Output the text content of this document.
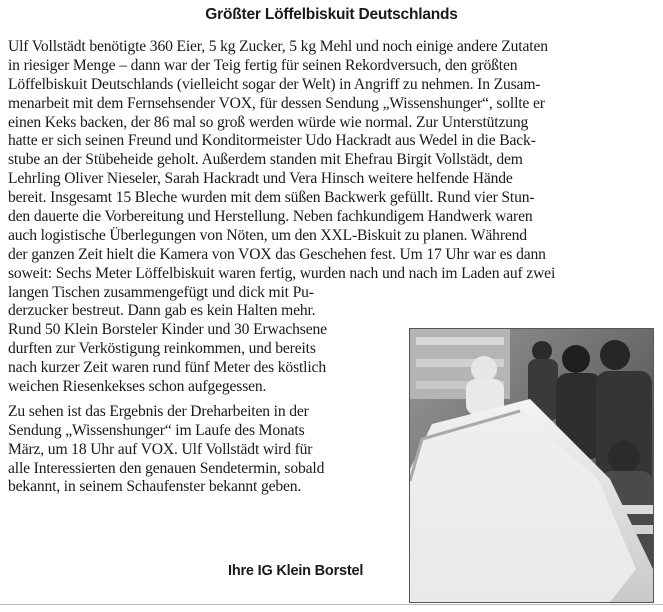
Größter Löffelbiskuit Deutschlands
Ulf Vollstädt benötigte 360 Eier, 5 kg Zucker, 5 kg Mehl und noch einige andere Zutaten
in riesiger Menge – dann war der Teig fertig für seinen Rekordversuch, den größten
Löffelbiskuit Deutschlands (vielleicht sogar der Welt) in Angriff zu nehmen. In Zusam-
menarbeit mit dem Fernsehsender VOX, für dessen Sendung „Wissenshunger“, sollte er
einen Keks backen, der 86 mal so groß werden würde wie normal. Zur Unterstützung
hatte er sich seinen Freund und Konditormeister Udo Hackradt aus Wedel in die Back-
stube an der Stübeheide geholt. Außerdem standen mit Ehefrau Birgit Vollstädt, dem
Lehrling Oliver Nieseler, Sarah Hackradt und Vera Hinsch weitere helfende Hände
bereit. Insgesamt 15 Bleche wurden mit dem süßen Backwerk gefüllt. Rund vier Stun-
den dauerte die Vorbereitung und Herstellung. Neben fachkundigem Handwerk waren
auch logistische Überlegungen von Nöten, um den XXL-Biskuit zu planen. Während
der ganzen Zeit hielt die Kamera von VOX das Geschehen fest. Um 17 Uhr war es dann
soweit: Sechs Meter Löffelbiskuit waren fertig, wurden nach und nach im Laden auf zwei
langen Tischen zusammengefügt und dick mit Pu-
derzucker bestreut. Dann gab es kein Halten mehr.
Rund 50 Klein Borsteler Kinder und 30 Erwachsene
durften zur Verköstigung reinkommen, und bereits
nach kurzer Zeit waren rund fünf Meter des köstlich
weichen Riesenkekses schon aufgegessen.
Zu sehen ist das Ergebnis der Dreharbeiten in der
Sendung „Wissenshunger“ im Laufe des Monats
März, um 18 Uhr auf VOX. Ulf Vollstädt wird für
alle Interessierten den genauen Sendetermin, sobald
bekannt, in seinem Schaufenster bekannt geben.
Ihre IG Klein Borstel
